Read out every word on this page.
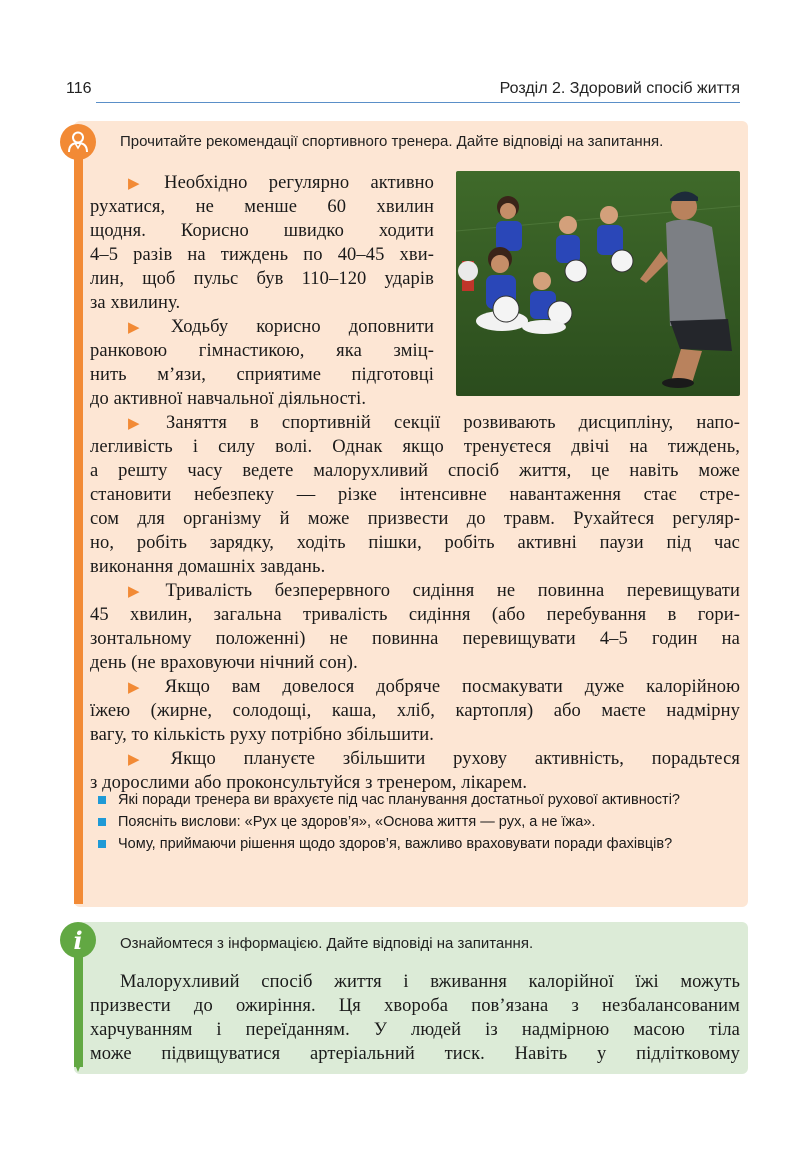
116	Розділ 2. Здоровий спосіб життя
Прочитайте рекомендації спортивного тренера. Дайте відповіді на запитання.
▶ Необхідно регулярно активно
рухатися, не менше 60 хвилин
щодня. Корисно швидко ходити
4–5 разів на тиждень по 40–45 хви-
лин, щоб пульс був 110–120 ударів
за хвилину.
▶ Ходьбу корисно доповнити
ранковою гімнастикою, яка зміц-
нить м’язи, сприятиме підготовці
до активної навчальної діяльності.
▶ Заняття в спортивній секції розвивають дисципліну, напо-
легливість і силу волі. Однак якщо тренуєтеся двічі на тиждень,
а решту часу ведете малорухливий спосіб життя, це навіть може
становити небезпеку — різке інтенсивне навантаження стає стре-
сом для організму й може призвести до травм. Рухайтеся регуляр-
но, робіть зарядку, ходіть пішки, робіть активні паузи під час
виконання домашніх завдань.
▶ Тривалість безперервного сидіння не повинна перевищувати
45 хвилин, загальна тривалість сидіння (або перебування в гори-
зонтальному положенні) не повинна перевищувати 4–5 годин на
день (не враховуючи нічний сон).
▶ Якщо вам довелося добряче посмакувати дуже калорійною
їжею (жирне, солодощі, каша, хліб, картопля) або маєте надмірну
вагу, то кількість руху потрібно збільшити.
▶ Якщо плануєте збільшити рухову активність, порадьтеся
з дорослими або проконсультуйся з тренером, лікарем.
Які поради тренера ви врахуєте під час планування достатньої рухової активності?
Поясніть вислови: «Рух це здоров’я», «Основа життя — рух, а не їжа».
Чому, приймаючи рішення щодо здоров’я, важливо враховувати поради фахівців?
i	Ознайомтеся з інформацією. Дайте відповіді на запитання.
Малорухливий спосіб життя і вживання калорійної їжі можуть
призвести до ожиріння. Ця хвороба пов’язана з незбалансованим
харчуванням і переїданням. У людей із надмірною масою тіла
може підвищуватися артеріальний тиск. Навіть у підлітковому
